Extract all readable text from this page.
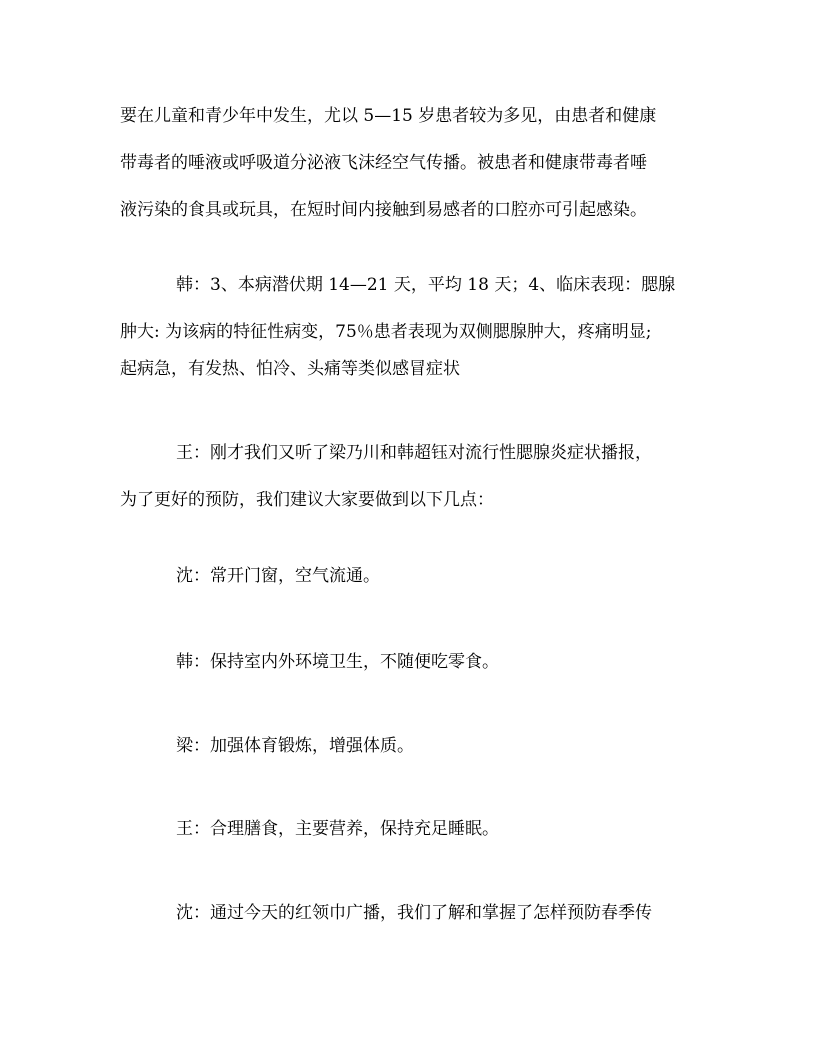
要在儿童和青少年中发生，尤以 5—15 岁患者较为多见，由患者和健康
带毒者的唾液或呼吸道分泌液飞沫经空气传播。被患者和健康带毒者唾
液污染的食具或玩具，在短时间内接触到易感者的口腔亦可引起感染。
韩：3、本病潜伏期 14—21 天，平均 18 天；4、临床表现：腮腺
肿大: 为该病的特征性病变，75％患者表现为双侧腮腺肿大，疼痛明显;
起病急，有发热、怕冷、头痛等类似感冒症状
王：刚才我们又听了梁乃川和韩超钰对流行性腮腺炎症状播报，
为了更好的预防，我们建议大家要做到以下几点：
沈：常开门窗，空气流通。
韩：保持室内外环境卫生，不随便吃零食。
梁：加强体育锻炼，增强体质。
王：合理膳食，主要营养，保持充足睡眠。
沈：通过今天的红领巾广播，我们了解和掌握了怎样预防春季传
